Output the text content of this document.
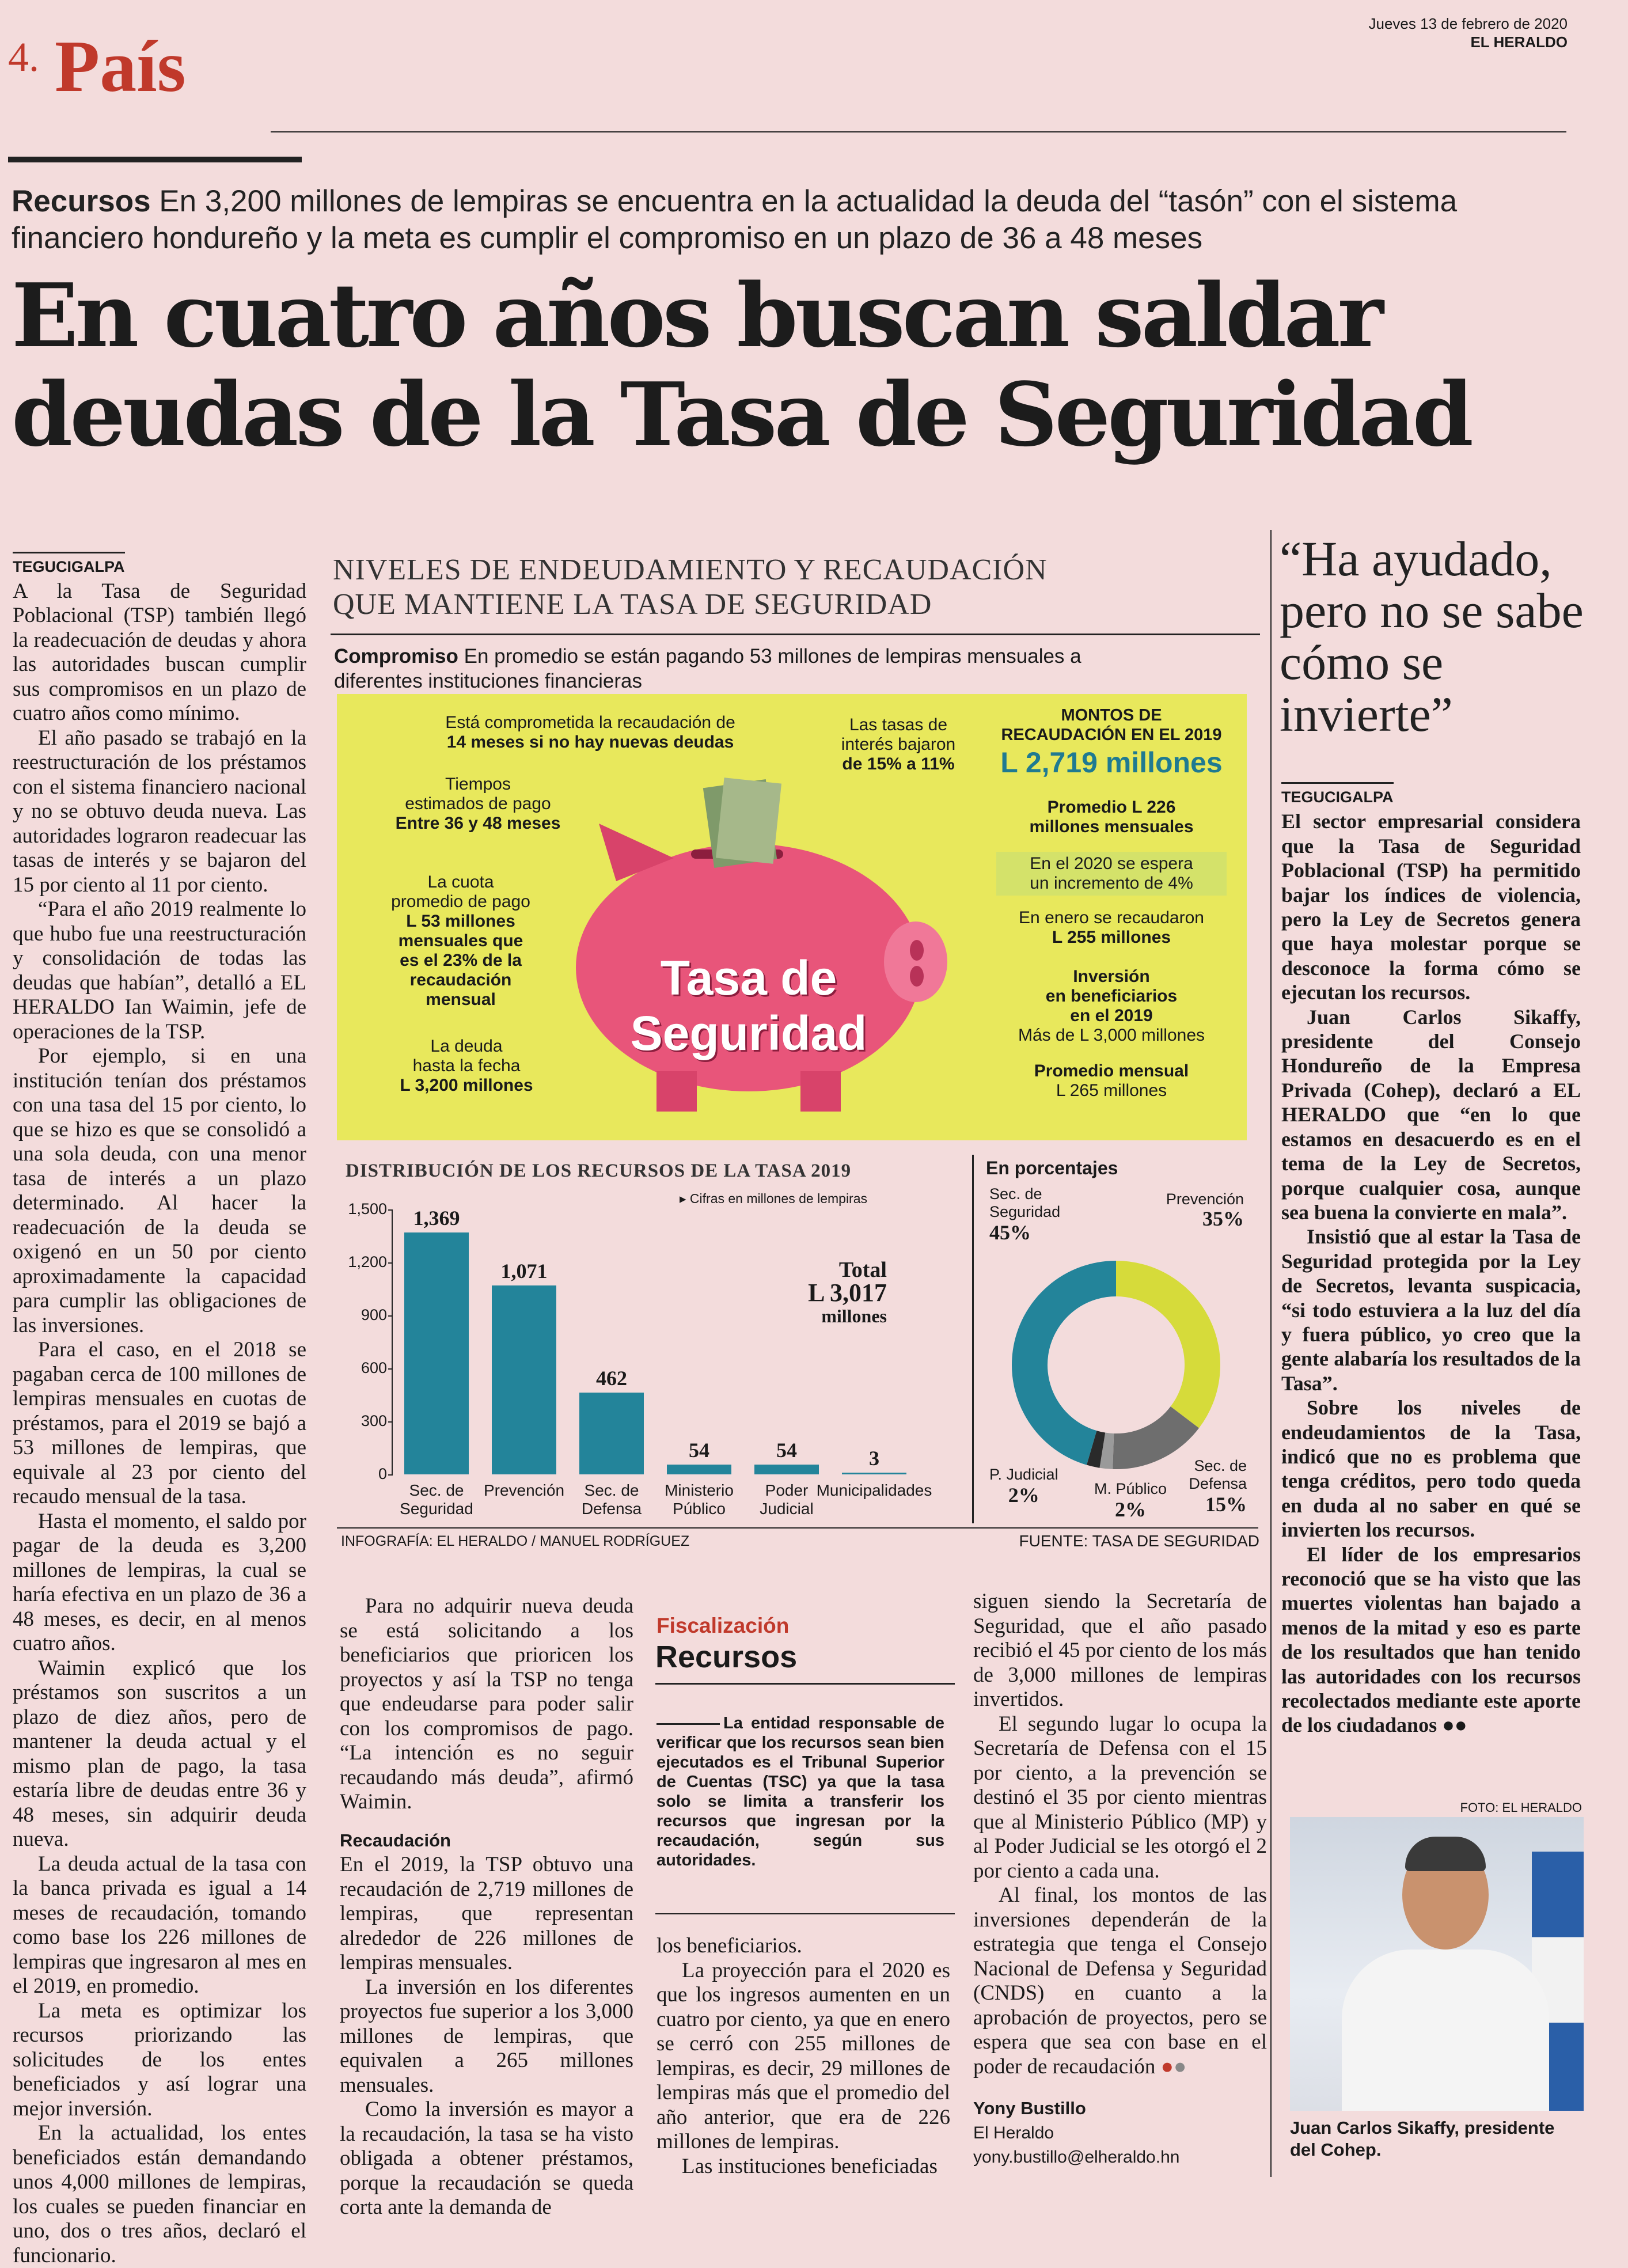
4. País
Jueves 13 de febrero de 2020
EL HERALDO
Recursos En 3,200 millones de lempiras se encuentra en la actualidad la deuda del “tasón” con el sistema financiero hondureño y la meta es cumplir el compromiso en un plazo de 36 a 48 meses
En cuatro años buscan saldar deudas de la Tasa de Seguridad
TEGUCIGALPA

A la Tasa de Seguridad Poblacional (TSP) también llegó la readecuación de deudas y ahora las autoridades buscan cumplir sus compromisos en un plazo de cuatro años como mínimo.

El año pasado se trabajó en la reestructuración de los préstamos con el sistema financiero nacional y no se obtuvo deuda nueva. Las autoridades lograron readecuar las tasas de interés y se bajaron del 15 por ciento al 11 por ciento.

“Para el año 2019 realmente lo que hubo fue una reestructuración y consolidación de todas las deudas que habían”, detalló a EL HERALDO Ian Waimin, jefe de operaciones de la TSP.

Por ejemplo, si en una institución tenían dos préstamos con una tasa del 15 por ciento, lo que se hizo es que se consolidó a una sola deuda, con una menor tasa de interés a un plazo determinado. Al hacer la readecuación de la deuda se oxigenó en un 50 por ciento aproximadamente la capacidad para cumplir las obligaciones de las inversiones.

Para el caso, en el 2018 se pagaban cerca de 100 millones de lempiras mensuales en cuotas de préstamos, para el 2019 se bajó a 53 millones de lempiras, que equivale al 23 por ciento del recaudo mensual de la tasa.

Hasta el momento, el saldo por pagar de la deuda es 3,200 millones de lempiras, la cual se haría efectiva en un plazo de 36 a 48 meses, es decir, en al menos cuatro años.

Waimin explicó que los préstamos son suscritos a un plazo de diez años, pero de mantener la deuda actual y el mismo plan de pago, la tasa estaría libre de deudas entre 36 y 48 meses, sin adquirir deuda nueva.

La deuda actual de la tasa con la banca privada es igual a 14 meses de recaudación, tomando como base los 226 millones de lempiras que ingresaron al mes en el 2019, en promedio.

La meta es optimizar los recursos priorizando las solicitudes de los entes beneficiados y así lograr una mejor inversión.

En la actualidad, los entes beneficiados están demandando unos 4,000 millones de lempiras, los cuales se pueden financiar en uno, dos o tres años, declaró el funcionario.

NIVELES DE ENDEUDAMIENTO Y RECAUDACIÓN
QUE MANTIENE LA TASA DE SEGURIDAD
Compromiso En promedio se están pagando 53 millones de lempiras mensuales a diferentes instituciones financieras
Tasa de
Seguridad
Está comprometida la recaudación de
14 meses si no hay nuevas deudas
Tiempos
estimados de pago
Entre 36 y 48 meses
La cuota
promedio de pago
L 53 millones
mensuales que
es el 23% de la
recaudación
mensual
La deuda
hasta la fecha
L 3,200 millones
Las tasas de
interés bajaron
de 15% a 11%
MONTOS DE
RECAUDACIÓN EN EL 2019
L 2,719 millones
Promedio L 226
millones mensuales
En el 2020 se espera
un incremento de 4%
En enero se recaudaron
L 255 millones
Inversión
en beneficiarios
en el 2019
Más de L 3,000 millones
Promedio mensual
L 265 millones
DISTRIBUCIÓN DE LOS RECURSOS DE LA TASA 2019
▸ Cifras en millones de lempiras
Total
L 3,017
millones
0
300
600
900
1,200
1,500	1,369
Sec. de
Seguridad
1,071
Prevención
462
Sec. de
Defensa
54
Ministerio
Público
54
Poder
Judicial
3
Municipalidades
En porcentajes
Sec. de
Seguridad
45%
Prevención
35%
P. Judicial
2%	M. Público
2%
Sec. de
Defensa
15%
INFOGRAFÍA: EL HERALDO / MANUEL RODRÍGUEZ	FUENTE: TASA DE SEGURIDAD

Para no adquirir nueva deuda se está solicitando a los beneficiarios que prioricen los proyectos y así la TSP no tenga que endeudarse para poder salir con los compromisos de pago. “La intención es no seguir recaudando más deuda”, afirmó Waimin.

Recaudación

En el 2019, la TSP obtuvo una recaudación de 2,719 millones de lempiras, que representan alrededor de 226 millones de lempiras mensuales.

La inversión en los diferentes proyectos fue superior a los 3,000 millones de lempiras, que equivalen a 265 millones mensuales.

Como la inversión es mayor a la recaudación, la tasa se ha visto obligada a obtener préstamos, porque la recaudación se queda corta ante la demanda de

Fiscalización
Recursos
La entidad responsable de verificar que los recursos sean bien ejecutados es el Tribunal Superior de Cuentas (TSC) ya que la tasa solo se limita a transferir los recursos que ingresan por la recaudación, según sus autoridades.

los beneficiarios.

La proyección para el 2020 es que los ingresos aumenten en un cuatro por ciento, ya que en enero se cerró con 255 millones de lempiras, es decir, 29 millones de lempiras más que el promedio del año anterior, que era de 226 millones de lempiras.

Las instituciones beneficiadas

siguen siendo la Secretaría de Seguridad, que el año pasado recibió el 45 por ciento de los más de 3,000 millones de lempiras invertidos.

El segundo lugar lo ocupa la Secretaría de Defensa con el 15 por ciento, a la prevención se destinó el 35 por ciento mientras que al Ministerio Público (MP) y al Poder Judicial se les otorgó el 2 por ciento a cada una.

Al final, los montos de las inversiones dependerán de la estrategia que tenga el Consejo Nacional de Defensa y Seguridad (CNDS) en cuanto a la aprobación de proyectos, pero se espera que sea con base en el poder de recaudación ●●

Yony Bustillo
El Heraldo
yony.bustillo@elheraldo.hn
“Ha ayudado, pero no se sabe cómo se invierte”
TEGUCIGALPA

El sector empresarial considera que la Tasa de Seguridad Poblacional (TSP) ha permitido bajar los índices de violencia, pero la Ley de Secretos genera que haya molestar porque se desconoce la forma cómo se ejecutan los recursos.

Juan Carlos Sikaffy, presidente del Consejo Hondureño de la Empresa Privada (Cohep), declaró a EL HERALDO que “en lo que estamos en desacuerdo es en el tema de la Ley de Secretos, porque cualquier cosa, aunque sea buena la convierte en mala”.

Insistió que al estar la Tasa de Seguridad protegida por la Ley de Secretos, levanta suspicacia, “si todo estuviera a la luz del día y fuera público, yo creo que la gente alabaría los resultados de la Tasa”.

Sobre los niveles de endeudamientos de la Tasa, indicó que no es problema que tenga créditos, pero todo queda en duda al no saber en qué se invierten los recursos.

El líder de los empresarios reconoció que se ha visto que las muertes violentas han bajado a menos de la mitad y eso es parte de los resultados que han tenido las autoridades con los recursos recolectados mediante este aporte de los ciudadanos ●●

FOTO: EL HERALDO
Juan Carlos Sikaffy, presidente del Cohep.
